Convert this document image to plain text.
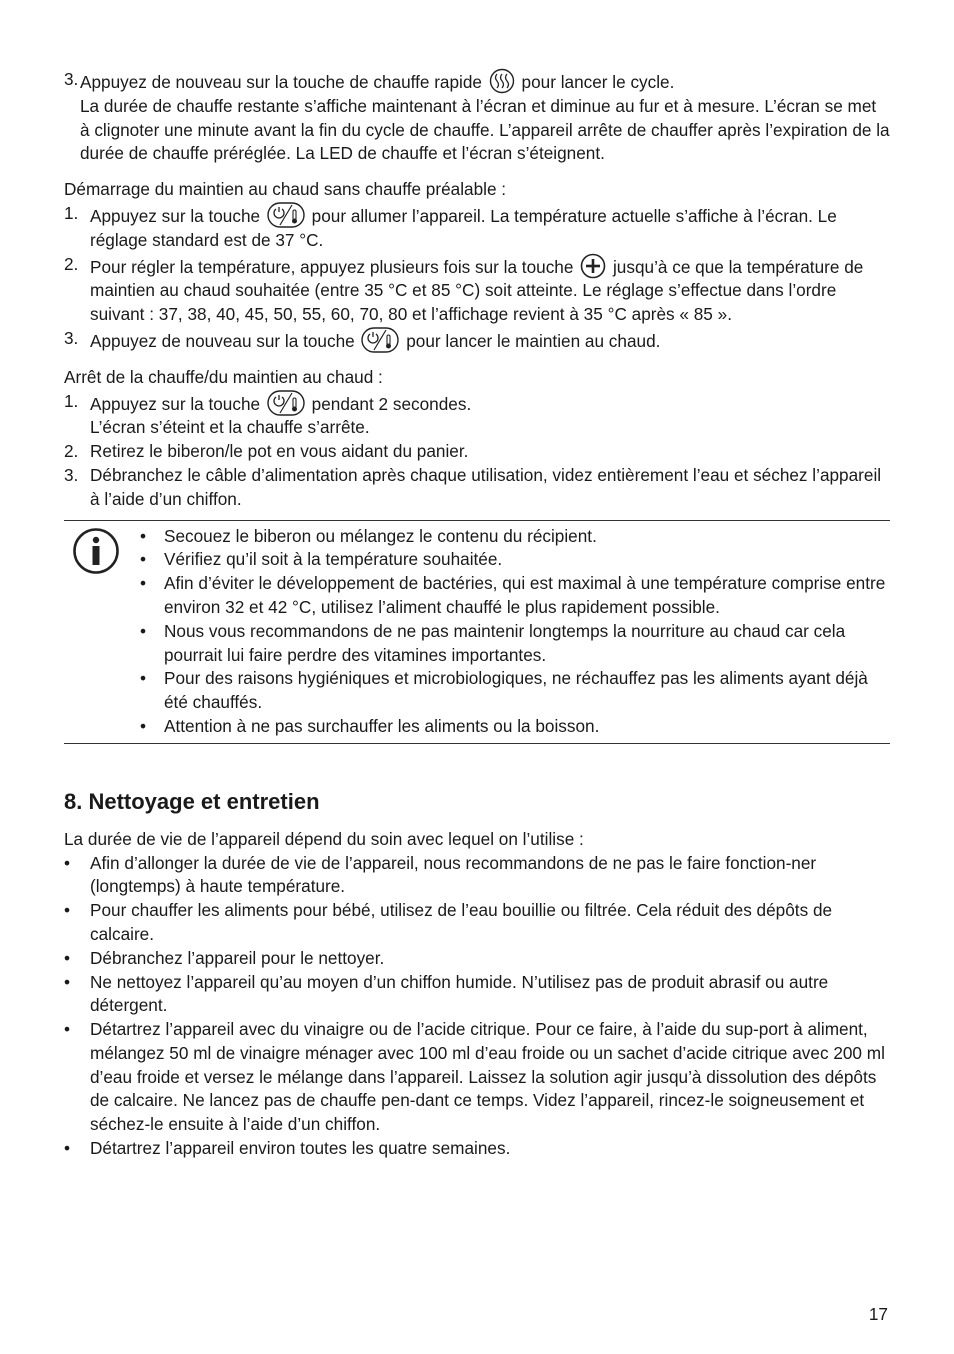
3. Appuyez de nouveau sur la touche de chauffe rapide pour lancer le cycle.

La durée de chauffe restante s’affiche maintenant à l’écran et diminue au fur et à mesure. L’écran se met à clignoter une minute avant la fin du cycle de chauffe. L’appareil arrête de chauffer après l’expiration de la durée de chauffe préréglée. La LED de chauffe et l’écran s’éteignent.

Démarrage du maintien au chaud sans chauffe préalable :

1. Appuyez sur la touche	pour allumer l’appareil. La température actuelle s’affiche à l’écran. Le réglage standard est de 37 °C.
2. Pour régler la température, appuyez plusieurs fois sur la touche jusqu’à ce que la température de maintien au chaud souhaitée (entre 35 °C et 85 °C) soit atteinte. Le réglage s’effectue dans l’ordre suivant : 37, 38, 40, 45, 50, 55, 60, 70, 80 et l’affichage revient à 35 °C après « 85 ».
3. Appuyez de nouveau sur la touche	pour lancer le maintien au chaud.

Arrêt de la chauffe/du maintien au chaud :

1. Appuyez sur la touche	pendant 2 secondes.

L’écran s’éteint et la chauffe s’arrête.

2. Retirez le biberon/le pot en vous aidant du panier.
3. Débranchez le câble d’alimentation après chaque utilisation, videz entièrement l’eau et séchez l’appareil à l’aide d’un chiffon.
• Secouez le biberon ou mélangez le contenu du récipient.
• Vérifiez qu’il soit à la température souhaitée.
• Afin d’éviter le développement de bactéries, qui est maximal à une température comprise entre environ 32 et 42 °C, utilisez l’aliment chauffé le plus rapidement possible.
• Nous vous recommandons de ne pas maintenir longtemps la nourriture au chaud car cela pourrait lui faire perdre des vitamines importantes.
• Pour des raisons hygiéniques et microbiologiques, ne réchauffez pas les aliments ayant déjà été chauffés.
• Attention à ne pas surchauffer les aliments ou la boisson.
8. Nettoyage et entretien

La durée de vie de l’appareil dépend du soin avec lequel on l’utilise :

• Afin d’allonger la durée de vie de l’appareil, nous recommandons de ne pas le faire fonction-ner (longtemps) à haute température.
• Pour chauffer les aliments pour bébé, utilisez de l’eau bouillie ou filtrée. Cela réduit des dépôts de calcaire.
• Débranchez l’appareil pour le nettoyer.
• Ne nettoyez l’appareil qu’au moyen d’un chiffon humide. N’utilisez pas de produit abrasif ou autre détergent.
• Détartrez l’appareil avec du vinaigre ou de l’acide citrique. Pour ce faire, à l’aide du sup-port à aliment, mélangez 50 ml de vinaigre ménager avec 100 ml d’eau froide ou un sachet d’acide citrique avec 200 ml d’eau froide et versez le mélange dans l’appareil. Laissez la solution agir jusqu’à dissolution des dépôts de calcaire. Ne lancez pas de chauffe pen-dant ce temps. Videz l’appareil, rincez-le soigneusement et séchez-le ensuite à l’aide d’un chiffon.
• Détartrez l’appareil environ toutes les quatre semaines.
17
